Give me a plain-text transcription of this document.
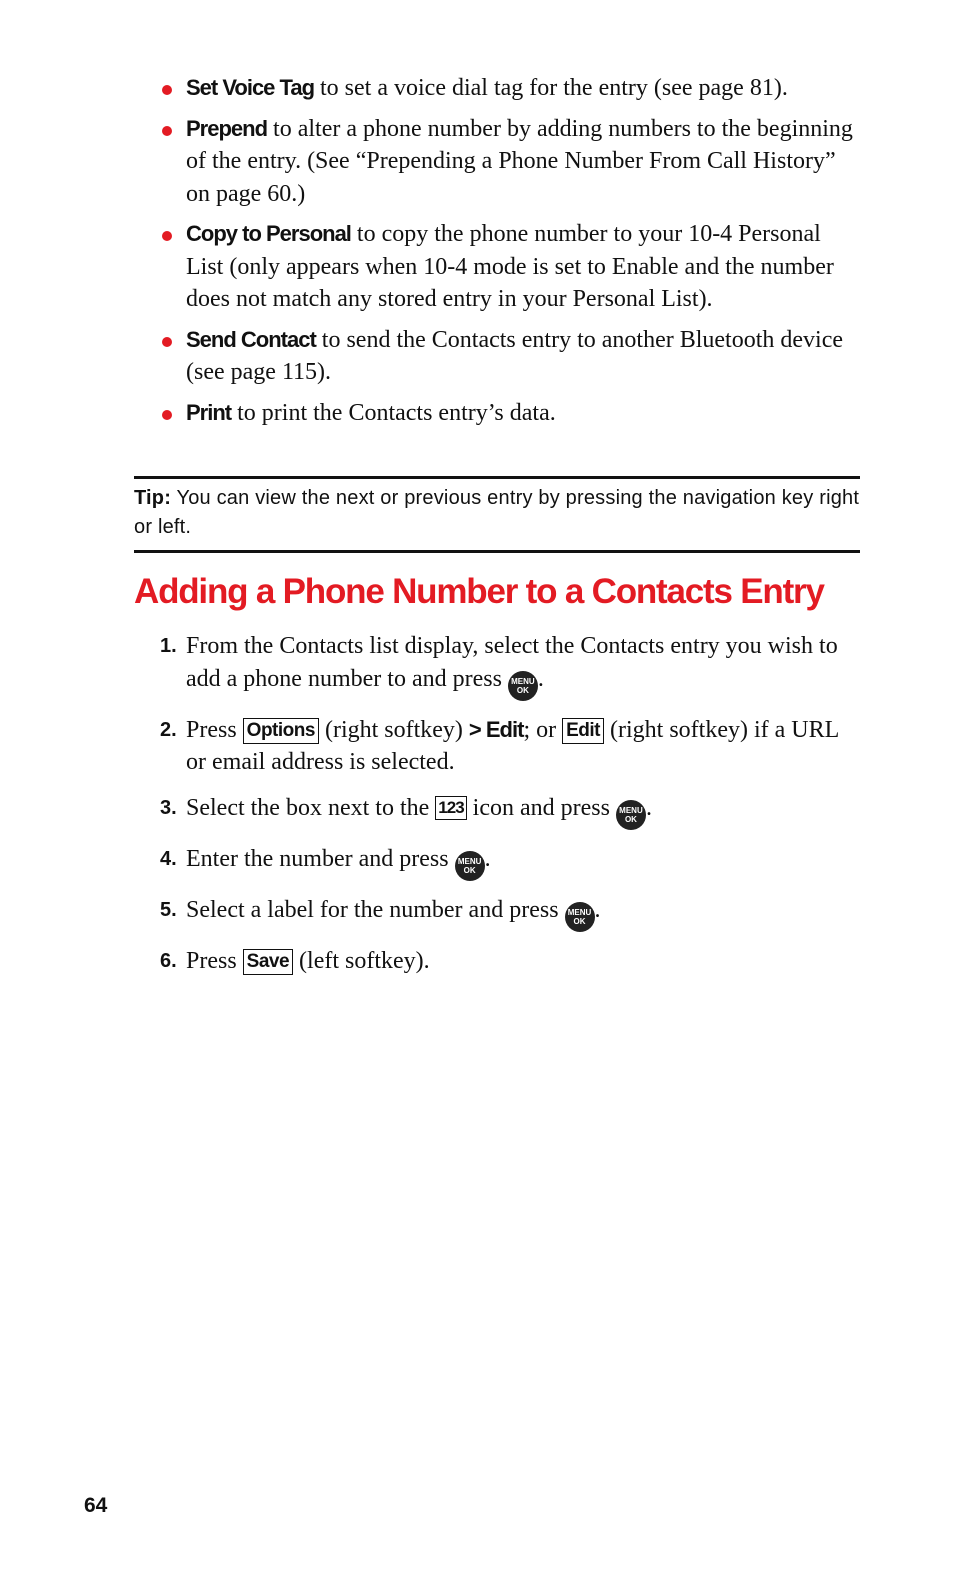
Set Voice Tag to set a voice dial tag for the entry (see page 81).
Prepend to alter a phone number by adding numbers to the beginning of the entry. (See “Prepending a Phone Number From Call History” on page 60.)
Copy to Personal to copy the phone number to your 10-4 Personal List (only appears when 10-4 mode is set to Enable and the number does not match any stored entry in your Personal List).
Send Contact to send the Contacts entry to another Bluetooth device (see page 115).
Print to print the Contacts entry’s data.
Tip: You can view the next or previous entry by pressing the navigation key right or left.
Adding a Phone Number to a Contacts Entry
1. From the Contacts list display, select the Contacts entry you wish to add a phone number to and press MENU
OK .
2. Press Options (right softkey) > Edit; or Edit (right softkey) if a URL or email address is selected.
3. Select the box next to the 123 icon and press MENU
OK .
4. Enter the number and press MENU
OK .
5. Select a label for the number and press MENU
OK .
6. Press Save (left softkey).
64
